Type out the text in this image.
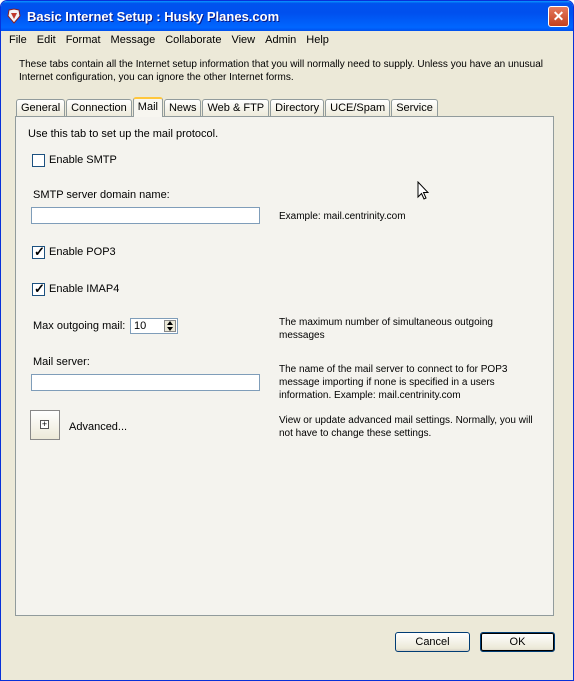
Basic Internet Setup : Husky Planes.com	✕
File Edit Format Message Collaborate View Admin Help
These tabs contain all the Internet setup information that you will normally need to supply. Unless you have an unusual Internet configuration, you can ignore the other Internet forms.
General	Connection	Mail	News	Web & FTP	Directory	UCE/Spam	Service
Use this tab to set up the mail protocol.
Enable SMTP
SMTP server domain name:
Example: mail.centrinity.com
✓ Enable POP3
✓ Enable IMAP4
Max outgoing mail: 10	The maximum number of simultaneous outgoing messages
Mail server:
The name of the mail server to connect to for POP3 message importing if none is specified in a users information. Example: mail.centrinity.com
+ Advanced...
View or update advanced mail settings. Normally, you will not have to change these settings.
Cancel	OK
